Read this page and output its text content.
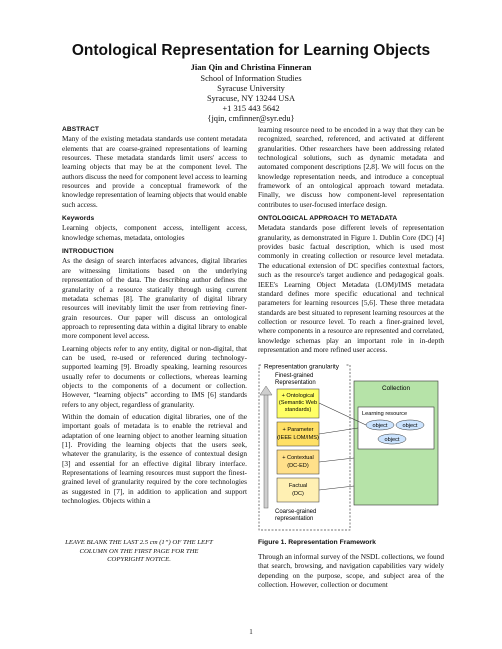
Ontological Representation for Learning Objects
Jian Qin and Christina Finneran
School of Information Studies
Syracuse University
Syracuse, NY 13244 USA
+1 315 443 5642
{jqin, cmfinner@syr.edu}

ABSTRACT

Many of the existing metadata standards use content metadata elements that are coarse-grained representations of learning resources. These metadata standards limit users' access to learning objects that may be at the component level. The authors discuss the need for component level access to learning resources and provide a conceptual framework of the knowledge representation of learning objects that would enable such access.

Keywords

Learning objects, component access, intelligent access, knowledge schemas, metadata, ontologies

INTRODUCTION

As the design of search interfaces advances, digital libraries are witnessing limitations based on the underlying representation of the data. The describing author defines the granularity of a resource statically through using current metadata schemas [8]. The granularity of digital library resources will inevitably limit the user from retrieving finer-grain resources. Our paper will discuss an ontological approach to representing data within a digital library to enable more component level access.

Learning objects refer to any entity, digital or non-digital, that can be used, re-used or referenced during technology-supported learning [9]. Broadly speaking, learning resources usually refer to documents or collections, whereas learning objects to the components of a document or collection. However, “learning objects” according to IMS [6] standards refers to any object, regardless of granularity.

Within the domain of education digital libraries, one of the important goals of metadata is to enable the retrieval and adaptation of one learning object to another learning situation [1]. Providing the learning objects that the users seek, whatever the granularity, is the essence of contextual design [3] and essential for an effective digital library interface. Representations of learning resources must support the finest-grained level of granularity required by the core technologies as suggested in [7], in addition to application and support technologies. Objects within a

LEAVE BLANK THE LAST 2.5 cm (1”) OF THE LEFT COLUMN ON THE FIRST PAGE FOR THE COPYRIGHT NOTICE.

learning resource need to be encoded in a way that they can be recognized, searched, referenced, and activated at different granularities. Other researchers have been addressing related technological solutions, such as dynamic metadata and automated component descriptions [2,8]. We will focus on the knowledge representation needs, and introduce a conceptual framework of an ontological approach toward metadata. Finally, we discuss how component-level representation contributes to user-focused interface design.

ONTOLOGICAL APPROACH TO METADATA

Metadata standards pose different levels of representation granularity, as demonstrated in Figure 1. Dublin Core (DC) [4] provides basic factual description, which is used most commonly in creating collection or resource level metadata. The educational extension of DC specifies contextual factors, such as the resource's target audience and pedagogical goals. IEEE's Learning Object Metadata (LOM)/IMS metadata standard defines more specific educational and technical parameters for learning resources [5,6]. These three metadata standards are best situated to represent learning resources at the collection or resource level. To reach a finer-grained level, where components in a resource are represented and correlated, knowledge schemas play an important role in in-depth representation and more refined user access.

Representation granularity
Finest-grained
Representation
+ Ontological
(Semantic Web
standards)
+ Parameter
(IEEE LOM/IMS)
+ Contextual
(DC-ED)
Factual
(DC)
Coarse-grained
representation
Collection
Learning resource
object	object
object
Figure 1. Representation Framework

Through an informal survey of the NSDL collections, we found that search, browsing, and navigation capabilities vary widely depending on the purpose, scope, and subject area of the collection. However, collection or document

1
